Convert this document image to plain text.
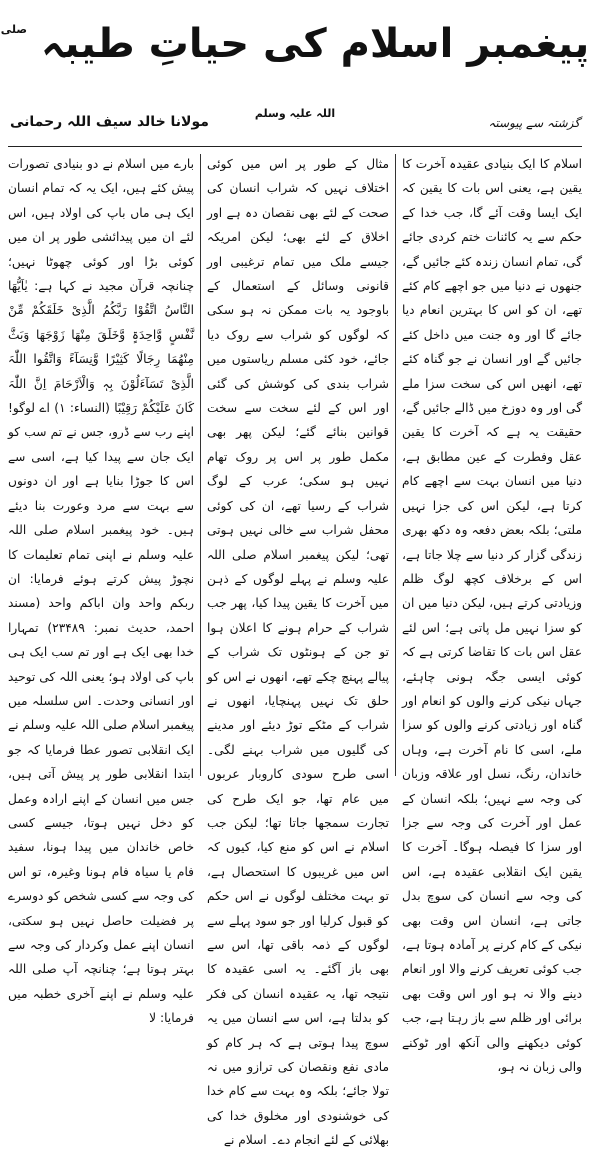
پیغمبر اسلام کی حیاتِ طیبہ $^{صلی اللہ علیہ وسلم}$
گزشتہ سے پیوستہ
مولانا خالد سیف اللہ رحمانی

اسلام کا ایک بنیادی عقیدہ آخرت کا یقین ہے، یعنی اس بات کا یقین کہ ایک ایسا وقت آئے گا، جب خدا کے حکم سے یہ کائنات ختم کردی جائے گی، تمام انسان زندہ کئے جائیں گے، جنھوں نے دنیا میں جو اچھے کام کئے تھے، ان کو اس کا بہترین انعام دیا جائے گا اور وہ جنت میں داخل کئے جائیں گے اور انسان نے جو گناہ کئے تھے، انھیں اس کی سخت سزا ملے گی اور وہ دوزخ میں ڈالے جائیں گے، حقیقت یہ ہے کہ آخرت کا یقین عقل وفطرت کے عین مطابق ہے، دنیا میں انسان بہت سے اچھے کام کرتا ہے، لیکن اس کی جزا نہیں ملتی؛ بلکہ بعض دفعہ وہ دکھ بھری زندگی گزار کر دنیا سے چلا جاتا ہے، اس کے برخلاف کچھ لوگ ظلم وزیادتی کرتے ہیں، لیکن دنیا میں ان کو سزا نہیں مل پاتی ہے؛ اس لئے عقل اس بات کا تقاضا کرتی ہے کہ کوئی ایسی جگہ ہونی چاہئے، جہاں نیکی کرنے والوں کو انعام اور گناہ اور زیادتی کرنے والوں کو سزا ملے، اسی کا نام آخرت ہے، وہاں خاندان، رنگ، نسل اور علاقہ وزبان کی وجہ سے نہیں؛ بلکہ انسان کے عمل اور آخرت کی وجہ سے جزا اور سزا کا فیصلہ ہوگا۔ آخرت کا یقین ایک انقلابی عقیدہ ہے، اس کی وجہ سے انسان کی سوچ بدل جاتی ہے، انسان اس وقت بھی نیکی کے کام کرنے پر آمادہ ہوتا ہے، جب کوئی تعریف کرنے والا اور انعام دینے والا نہ ہو اور اس وقت بھی برائی اور ظلم سے باز رہتا ہے، جب کوئی دیکھنے والی آنکھ اور ٹوکنے والی زبان نہ ہو،

مثال کے طور پر اس میں کوئی اختلاف نہیں کہ شراب انسان کی صحت کے لئے بھی نقصان دہ ہے اور اخلاق کے لئے بھی؛ لیکن امریکہ جیسے ملک میں تمام ترغیبی اور قانونی وسائل کے استعمال کے باوجود یہ بات ممکن نہ ہو سکی کہ لوگوں کو شراب سے روک دیا جائے، خود کئی مسلم ریاستوں میں شراب بندی کی کوشش کی گئی اور اس کے لئے سخت سے سخت قوانین بنائے گئے؛ لیکن پھر بھی مکمل طور پر اس پر روک تھام نہیں ہو سکی؛ عرب کے لوگ شراب کے رسیا تھے، ان کی کوئی محفل شراب سے خالی نہیں ہوتی تھی؛ لیکن پیغمبر اسلام صلی اللہ علیہ وسلم نے پہلے لوگوں کے ذہن میں آخرت کا یقین پیدا کیا، پھر جب شراب کے حرام ہونے کا اعلان ہوا تو جن کے ہونٹوں تک شراب کے پیالے پہنچ چکے تھے، انھوں نے اس کو حلق تک نہیں پہنچایا، انھوں نے شراب کے مٹکے توڑ دیئے اور مدینے کی گلیوں میں شراب بہنے لگی۔ اسی طرح سودی کاروبار عربوں میں عام تھا، جو ایک طرح کی تجارت سمجھا جاتا تھا؛ لیکن جب اسلام نے اس کو منع کیا، کیوں کہ اس میں غریبوں کا استحصال ہے، تو بہت مختلف لوگوں نے اس حکم کو قبول کرلیا اور جو سود پہلے سے لوگوں کے ذمہ باقی تھا، اس سے بھی باز آگئے۔ یہ اسی عقیدہ کا نتیجہ تھا، یہ عقیدہ انسان کی فکر کو بدلتا ہے، اس سے انسان میں یہ سوچ پیدا ہوتی ہے کہ ہر کام کو مادی نفع ونقصان کی ترازو میں نہ تولا جائے؛ بلکہ وہ بہت سے کام خدا کی خوشنودی اور مخلوق خدا کی بھلائی کے لئے انجام دے۔ اسلام نے

بارے میں اسلام نے دو بنیادی تصورات پیش کئے ہیں، ایک یہ کہ تمام انسان ایک ہی ماں باپ کی اولاد ہیں، اس لئے ان میں پیدائشی طور پر ان میں کوئی بڑا اور کوئی چھوٹا نہیں؛ چنانچہ قرآن مجید نے کہا ہے: یٰاَیُّھَا النَّاسُ اتَّقُوْا رَبَّکُمُ الَّذِیْ خَلَقَکُمْ مِّنْ نَّفْسٍ وَّاحِدَۃٍ وَّخَلَقَ مِنْھَا زَوْجَھَا وَبَثَّ مِنْھُمَا رِجَالًا کَثِیْرًا وَّنِسَآءً وَاتَّقُوا اللّٰہَ الَّذِیْ تَسَآءَلُوْنَ بِہٖ وَالْاَرْحَامَ اِنَّ اللّٰہَ کَانَ عَلَیْکُمْ رَقِیْبًا (النساء: ۱) اے لوگو! اپنے رب سے ڈرو، جس نے تم سب کو ایک جان سے پیدا کیا ہے، اسی سے اس کا جوڑا بنایا ہے اور ان دونوں سے بہت سے مرد وعورت بنا دیئے ہیں۔ خود پیغمبر اسلام صلی اللہ علیہ وسلم نے اپنی تمام تعلیمات کا نچوڑ پیش کرتے ہوئے فرمایا: ان ربکم واحد وان اباکم واحد (مسند احمد، حدیث نمبر: ۲۳۴۸۹) تمہارا خدا بھی ایک ہے اور تم سب ایک ہی باپ کی اولاد ہو؛ یعنی اللہ کی توحید اور انسانی وحدت۔ اس سلسلہ میں پیغمبر اسلام صلی اللہ علیہ وسلم نے ایک انقلابی تصور عطا فرمایا کہ جو ابتدا انقلابی طور پر پیش آتی ہیں، جس میں انسان کے اپنے ارادہ وعمل کو دخل نہیں ہوتا، جیسے کسی خاص خاندان میں پیدا ہونا، سفید فام یا سیاہ فام ہونا وغیرہ، تو اس کی وجہ سے کسی شخص کو دوسرے پر فضیلت حاصل نہیں ہو سکتی، انسان اپنے عمل وکردار کی وجہ سے بہتر ہوتا ہے؛ چنانچہ آپ صلی اللہ علیہ وسلم نے اپنے آخری خطبہ میں فرمایا: لا
